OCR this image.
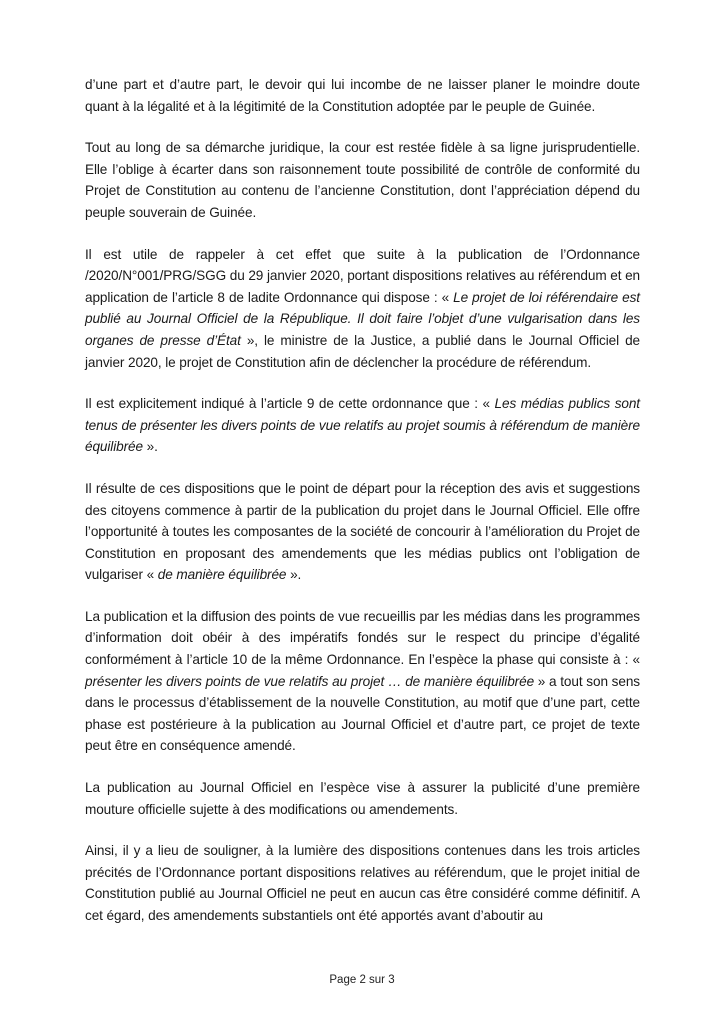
d’une part et d’autre part, le devoir qui lui incombe de ne laisser planer le moindre doute quant à la légalité et à la légitimité de la Constitution adoptée par le peuple de Guinée.

Tout au long de sa démarche juridique, la cour est restée fidèle à sa ligne jurisprudentielle. Elle l’oblige à écarter dans son raisonnement toute possibilité de contrôle de conformité du Projet de Constitution au contenu de l’ancienne Constitution, dont l’appréciation dépend du peuple souverain de Guinée.

Il est utile de rappeler à cet effet que suite à la publication de l’Ordonnance /2020/N°001/PRG/SGG du 29 janvier 2020, portant dispositions relatives au référendum et en application de l’article 8 de ladite Ordonnance qui dispose : « Le projet de loi référendaire est publié au Journal Officiel de la République. Il doit faire l’objet d’une vulgarisation dans les organes de presse d’État », le ministre de la Justice, a publié dans le Journal Officiel de janvier 2020, le projet de Constitution afin de déclencher la procédure de référendum.

Il est explicitement indiqué à l’article 9 de cette ordonnance que : « Les médias publics sont tenus de présenter les divers points de vue relatifs au projet soumis à référendum de manière équilibrée ».

Il résulte de ces dispositions que le point de départ pour la réception des avis et suggestions des citoyens commence à partir de la publication du projet dans le Journal Officiel. Elle offre l’opportunité à toutes les composantes de la société de concourir à l’amélioration du Projet de Constitution en proposant des amendements que les médias publics ont l’obligation de vulgariser « de manière équilibrée ».

La publication et la diffusion des points de vue recueillis par les médias dans les programmes d’information doit obéir à des impératifs fondés sur le respect du principe d’égalité conformément à l’article 10 de la même Ordonnance. En l’espèce la phase qui consiste à : « présenter les divers points de vue relatifs au projet … de manière équilibrée » a tout son sens dans le processus d’établissement de la nouvelle Constitution, au motif que d’une part, cette phase est postérieure à la publication au Journal Officiel et d’autre part, ce projet de texte peut être en conséquence amendé.

La publication au Journal Officiel en l’espèce vise à assurer la publicité d’une première mouture officielle sujette à des modifications ou amendements.

Ainsi, il y a lieu de souligner, à la lumière des dispositions contenues dans les trois articles précités de l’Ordonnance portant dispositions relatives au référendum, que le projet initial de Constitution publié au Journal Officiel ne peut en aucun cas être considéré comme définitif. A cet égard, des amendements substantiels ont été apportés avant d’aboutir au

Page 2 sur 3
